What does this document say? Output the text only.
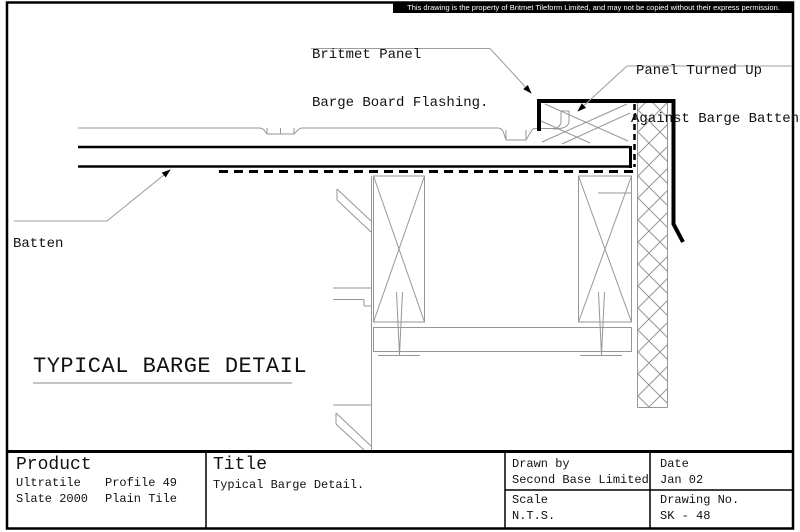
This drawing is the property of Britmet Tileform Limited, and may not be copied without their express permission.

Britmet Panel

Barge Board Flashing.

Panel Turned Up

Against Barge Batten

Batten

TYPICAL BARGE DETAIL
Product
Ultratile
Slate 2000
Profile 49
Plain Tile
Title
Typical Barge Detail.
Drawn by
Second Base Limited
Date
Jan 02
Scale
N.T.S.
Drawing No.
SK - 48
